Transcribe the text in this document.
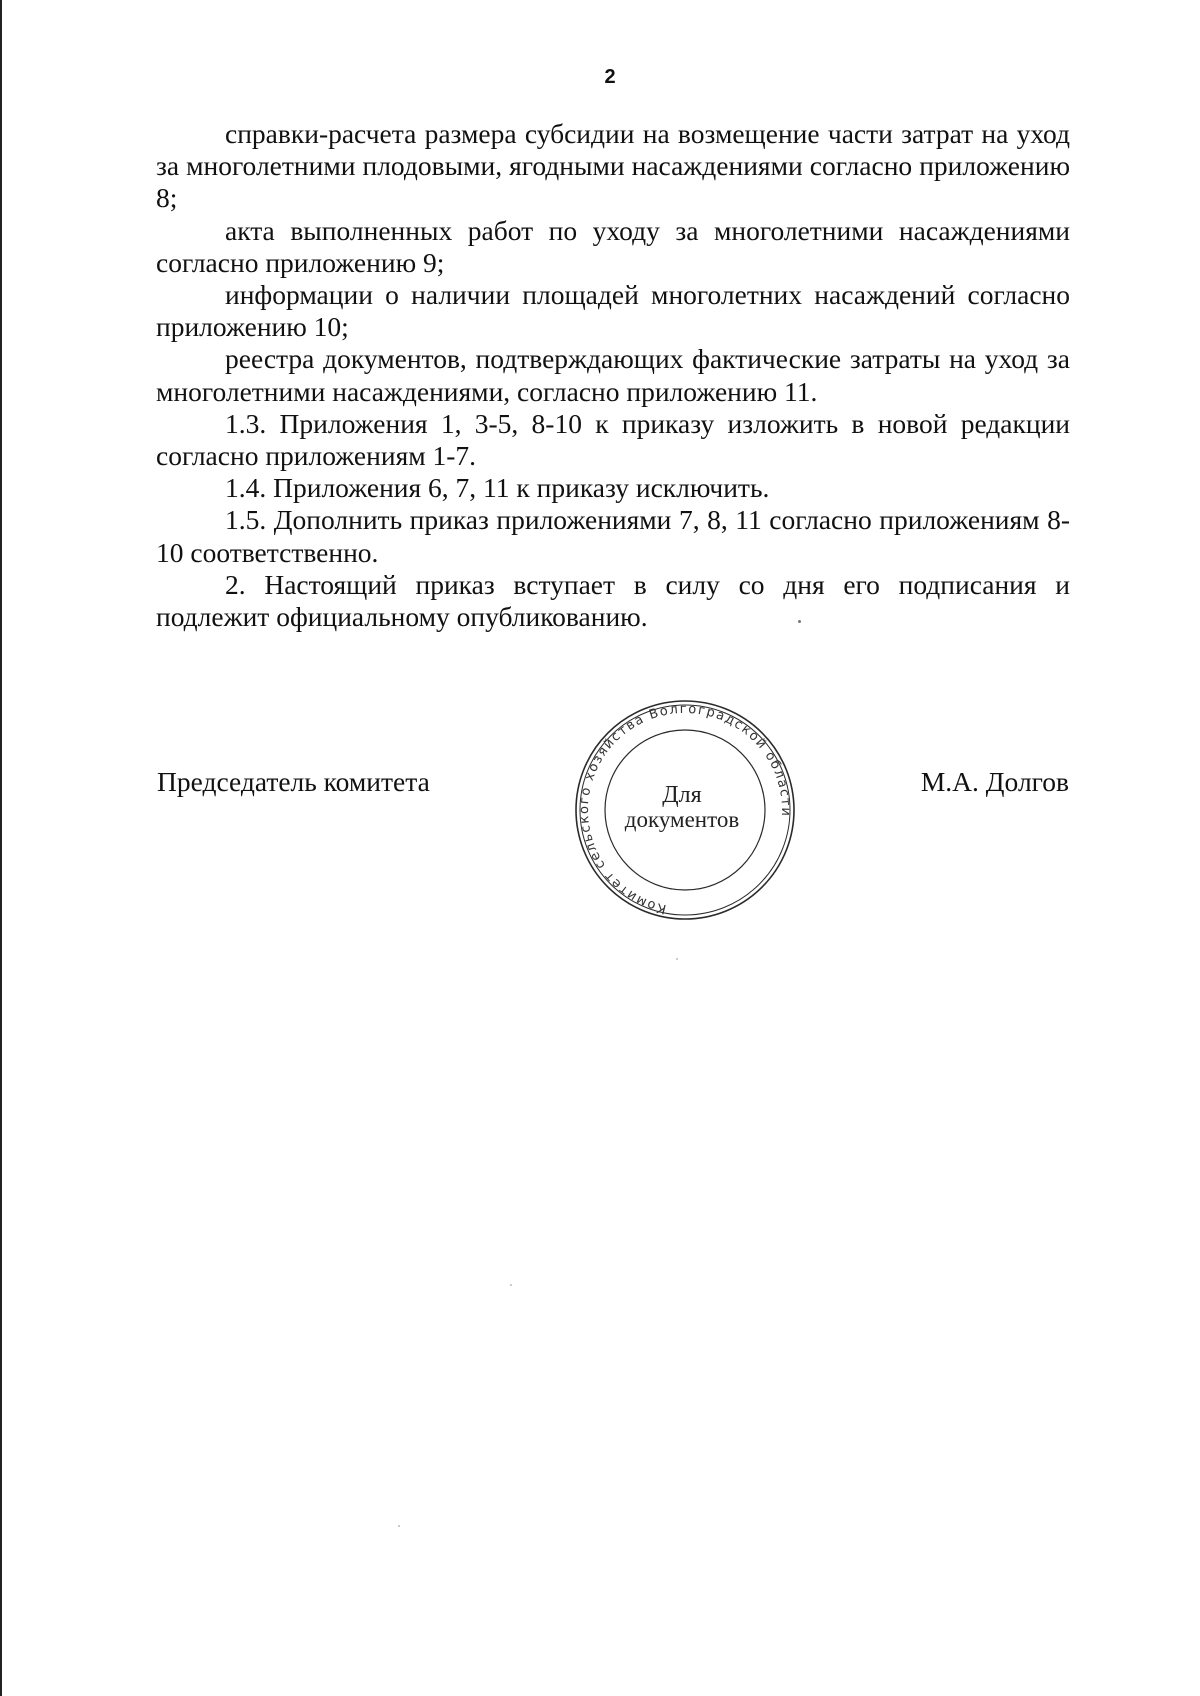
2

справки-расчета размера субсидии на возмещение части затрат на уход за многолетними плодовыми, ягодными насаждениями согласно приложению 8;

акта выполненных работ по уходу за многолетними насаждениями согласно приложению 9;

информации о наличии площадей многолетних насаждений согласно приложению 10;

реестра документов, подтверждающих фактические затраты на уход за многолетними насаждениями, согласно приложению 11.

1.3. Приложения 1, 3-5, 8-10 к приказу изложить в новой редакции согласно приложениям 1-7.

1.4. Приложения 6, 7, 11 к приказу исключить.

1.5. Дополнить приказ приложениями 7, 8, 11 согласно приложениям 8-10 соответственно.

2. Настоящий приказ вступает в силу со дня его подписания и подлежит официальному опубликованию.

Председатель комитета	М.А. Долгов
Комитет сельского хозяйства Волгоградской области
Для
документов
